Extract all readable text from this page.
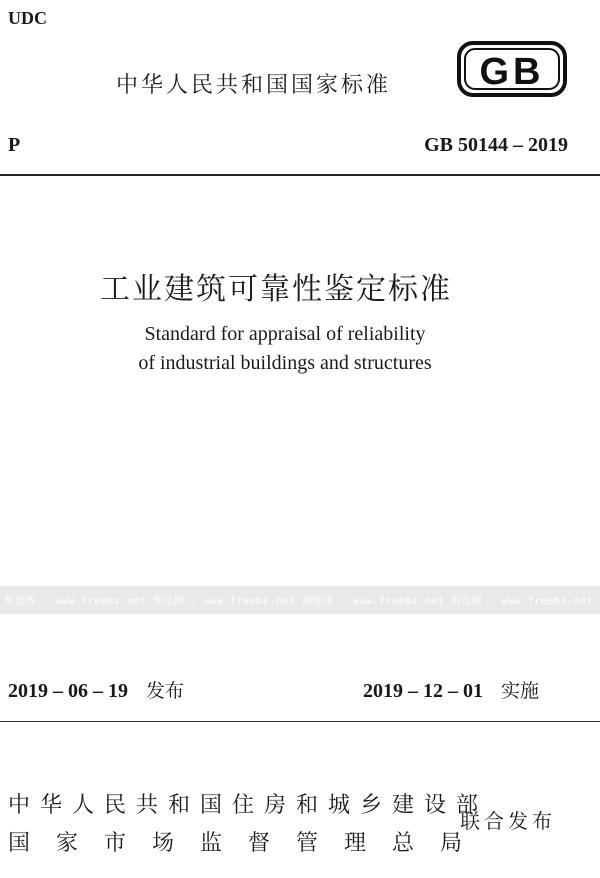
UDC
中华人民共和国国家标准 GB
P	GB 50144 – 2019
工业建筑可靠性鉴定标准
Standard for appraisal of reliability
of industrial buildings and structures
预览图 - www.freebz.net 预览图 - www.freebz.net 预览图 - www.freebz.net 预览图 - www.freebz.net
2019 – 06 – 19 发布	2019 – 12 – 01 实施
中华人民共和国住房和城乡建设部
国家市场监督管理总局
联合发布
